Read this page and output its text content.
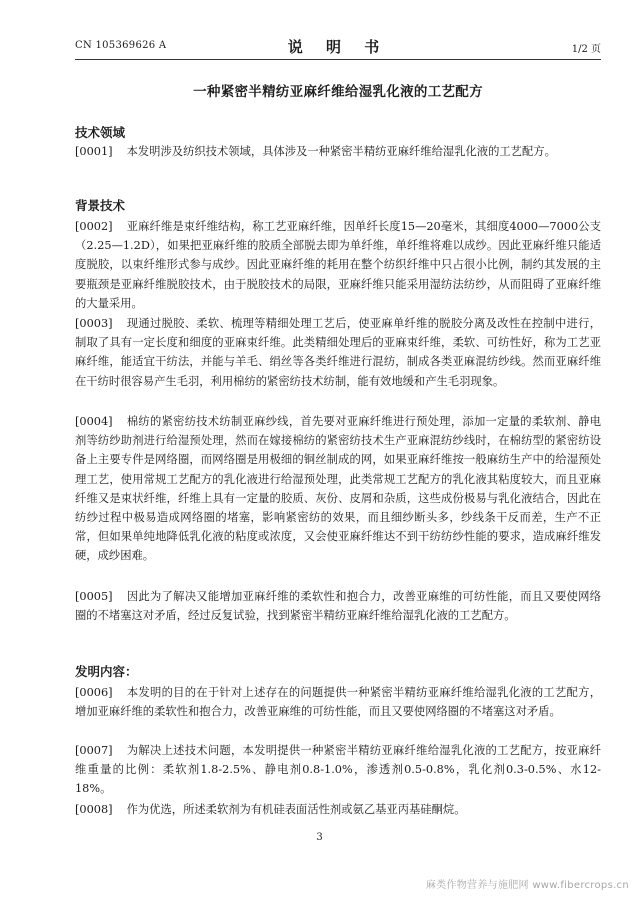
CN 105369626 A	说 明 书	1/2 页
一种紧密半精纺亚麻纤维给湿乳化液的工艺配方
技术领域
[0001] 本发明涉及纺织技术领域，具体涉及一种紧密半精纺亚麻纤维给湿乳化液的工艺配方。
背景技术
[0002] 亚麻纤维是束纤维结构，称工艺亚麻纤维，因单纤长度15—20毫米，其细度4000—7000公支（2.25—1.2D），如果把亚麻纤维的胶质全部脱去即为单纤维，单纤维将难以成纱。因此亚麻纤维只能适度脱胶，以束纤维形式参与成纱。因此亚麻纤维的耗用在整个纺织纤维中只占很小比例，制约其发展的主要瓶颈是亚麻纤维脱胶技术，由于脱胶技术的局限，亚麻纤维只能采用湿纺法纺纱，从而阻碍了亚麻纤维的大量采用。
[0003] 现通过脱胶、柔软、梳理等精细处理工艺后，使亚麻单纤维的脱胶分离及改性在控制中进行，制取了具有一定长度和细度的亚麻束纤维。此类精细处理后的亚麻束纤维，柔软、可纺性好，称为工艺亚麻纤维，能适宜干纺法，并能与羊毛、绢丝等各类纤维进行混纺，制成各类亚麻混纺纱线。然而亚麻纤维在干纺时很容易产生毛羽，利用棉纺的紧密纺技术纺制，能有效地缓和产生毛羽现象。
[0004] 棉纺的紧密纺技术纺制亚麻纱线，首先要对亚麻纤维进行预处理，添加一定量的柔软剂、静电剂等纺纱助剂进行给湿预处理，然而在嫁接棉纺的紧密纺技术生产亚麻混纺纱线时，在棉纺型的紧密纺设备上主要专件是网络圈，而网络圈是用极细的铜丝制成的网，如果亚麻纤维按一般麻纺生产中的给湿预处理工艺，使用常规工艺配方的乳化液进行给湿预处理，此类常规工艺配方的乳化液其粘度较大，而且亚麻纤维又是束状纤维，纤维上具有一定量的胶质、灰份、皮屑和杂质，这些成份极易与乳化液结合，因此在纺纱过程中极易造成网络圈的堵塞，影响紧密纺的效果，而且细纱断头多，纱线条干反而差，生产不正常，但如果单纯地降低乳化液的粘度或浓度，又会使亚麻纤维达不到干纺纺纱性能的要求，造成麻纤维发硬，成纱困难。
[0005] 因此为了解决又能增加亚麻纤维的柔软性和抱合力，改善亚麻维的可纺性能，而且又要使网络圈的不堵塞这对矛盾，经过反复试验，找到紧密半精纺亚麻纤维给湿乳化液的工艺配方。
发明内容：
[0006] 本发明的目的在于针对上述存在的问题提供一种紧密半精纺亚麻纤维给湿乳化液的工艺配方，增加亚麻纤维的柔软性和抱合力，改善亚麻维的可纺性能，而且又要使网络圈的不堵塞这对矛盾。
[0007] 为解决上述技术问题，本发明提供一种紧密半精纺亚麻纤维给湿乳化液的工艺配方，按亚麻纤维重量的比例：柔软剂1.8-2.5%、静电剂0.8-1.0%，渗透剂0.5-0.8%，乳化剂0.3-0.5%、水12-18%。
[0008] 作为优选，所述柔软剂为有机硅表面活性剂或氨乙基亚丙基硅酮烷。
3
麻类作物营养与施肥网 www.fibercrops.cn
